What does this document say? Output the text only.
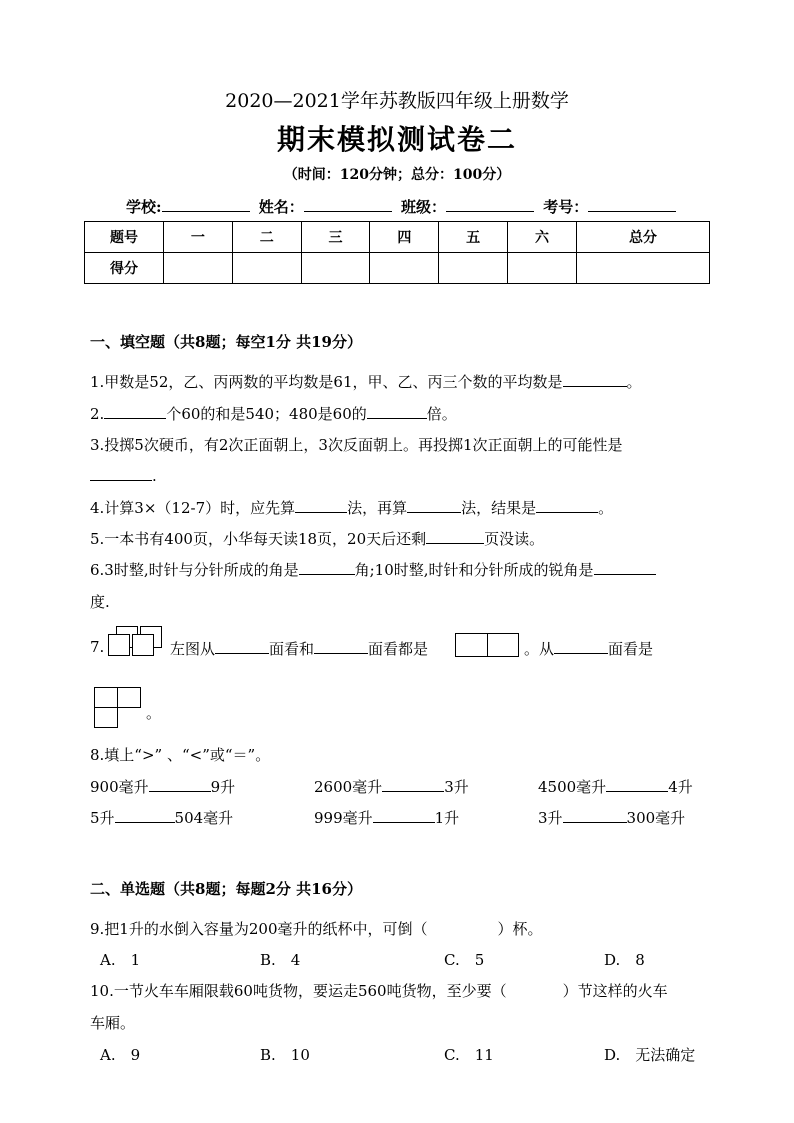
2020—2021学年苏教版四年级上册数学
期末模拟测试卷二
（时间：120分钟；总分：100分）
学校:	姓名：	班级：	考号：
题号	一	二	三	四	五	六	总分
得分							
一、填空题（共8题；每空1分 共19分）
1.甲数是52，乙、丙两数的平均数是61，甲、乙、丙三个数的平均数是	。
2.	个60的和是540；480是60的	倍。
3.投掷5次硬币，有2次正面朝上，3次反面朝上。再投掷1次正面朝上的可能性是
.
4.计算3×（12-7）时，应先算	法，再算	法，结果是	。
5.一本书有400页，小华每天读18页，20天后还剩	页没读。
6.3时整,时针与分针所成的角是	角;10时整,时针和分针所成的锐角是
度.
7.	左图从	面看和	面看都是	。从	面看是
。
8.填上“>” 、“<”或“＝”。
900毫升	9升	2600毫升	3升	4500毫升	4升
5升	504毫升	999毫升	1升	3升	300毫升
二、单选题（共8题；每题2分 共16分）
9.把1升的水倒入容量为200毫升的纸杯中，可倒（	）杯。
A.　1	B.　4	C.　5	D.　8
10.一节火车车厢限载60吨货物，要运走560吨货物，至少要（	）节这样的火车
车厢。
A.　9	B.　10	C.　11	D.　无法确定
